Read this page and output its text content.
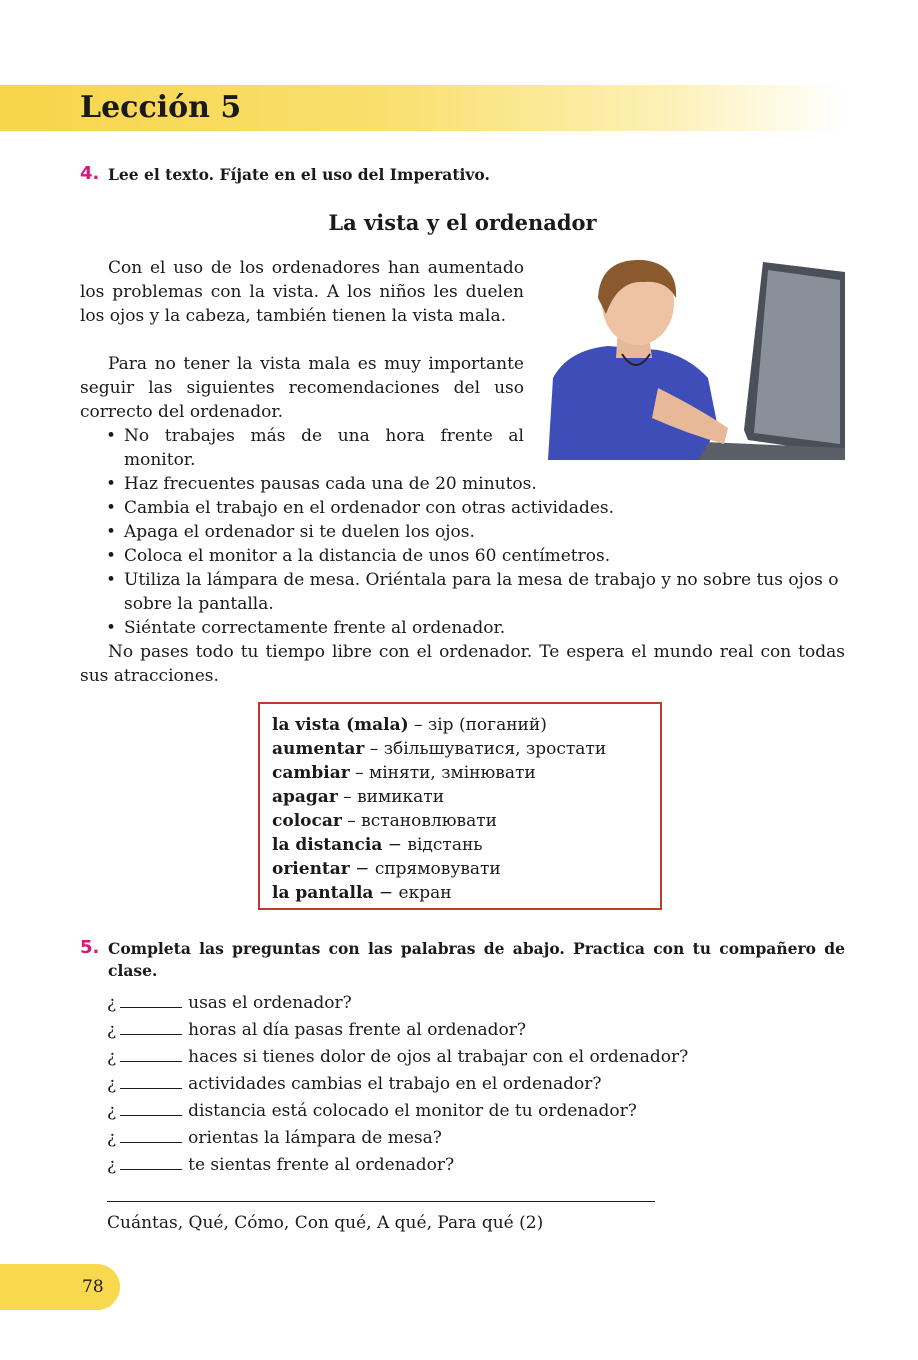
Lección 5
4. Lee el texto. Fíjate en el uso del Imperativo.
La vista y el ordenador

Con el uso de los ordenadores han aumentado los problemas con la vista. A los niños les duelen los ojos y la cabeza, también tienen la vista mala.

Para no tener la vista mala es muy importante seguir las siguientes recomendaciones del uso correcto del ordenador.

• No trabajes más de una hora frente al monitor.
• Haz frecuentes pausas cada una de 20 minutos.
• Cambia el trabajo en el ordenador con otras actividades.
• Apaga el ordenador si te duelen los ojos.
• Coloca el monitor a la distancia de unos 60 centímetros.
• Utiliza la lámpara de mesa. Oriéntala para la mesa de trabajo y no sobre tus ojos o sobre la pantalla.
• Siéntate correctamente frente al ordenador.

No pases todo tu tiempo libre con el ordenador. Te espera el mundo real con todas sus atracciones.

la vista (mala) – зір (поганий)
aumentar – збільшуватися, зростати
cambiar – міняти, змінювати
apagar – вимикати
colocar – встановлювати
la distancia − відстань
orientar − спрямовувати
la pantalla − екран
5. Completa las preguntas con las palabras de abajo. Practica con tu compañero de clase.
¿	usas el ordenador?
¿	horas al día pasas frente al ordenador?
¿	haces si tienes dolor de ojos al trabajar con el ordenador?
¿	actividades cambias el trabajo en el ordenador?
¿	distancia está colocado el monitor de tu ordenador?
¿	orientas la lámpara de mesa?
¿	te sientas frente al ordenador?

Cuántas, Qué, Cómo, Con qué, A qué, Para qué (2)

78
